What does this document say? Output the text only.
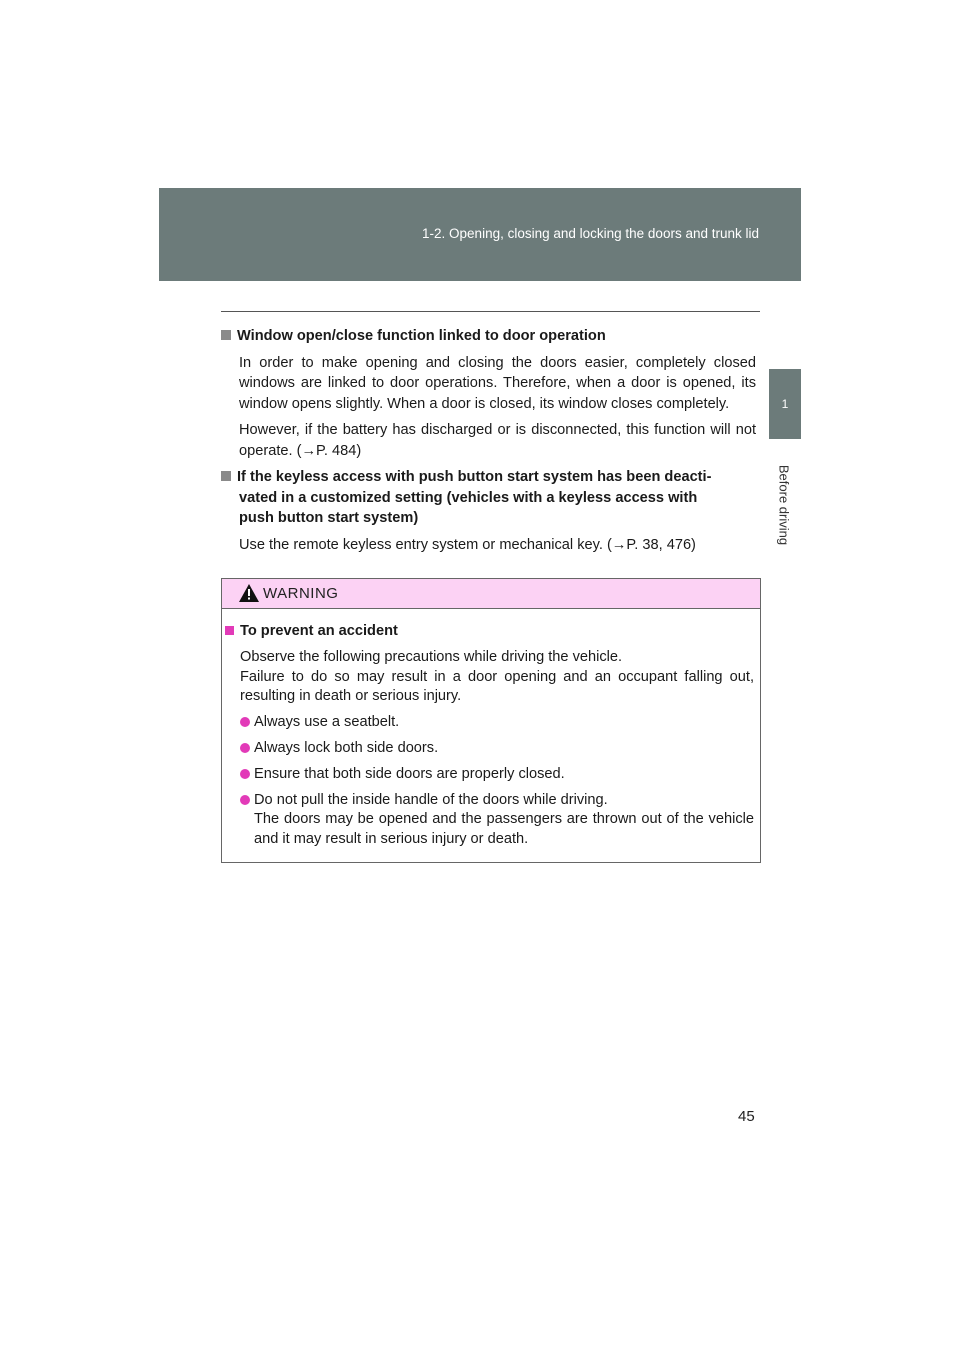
1-2. Opening, closing and locking the doors and trunk lid
1
Before driving

Window open/close function linked to door operation

In order to make opening and closing the doors easier, completely closed windows are linked to door operations. Therefore, when a door is opened, its window opens slightly. When a door is closed, its window closes completely.

However, if the battery has discharged or is disconnected, this function will not operate. (→P. 484)

If the keyless access with push button start system has been deacti-
vated in a customized setting (vehicles with a keyless access with
push button start system)

Use the remote keyless entry system or mechanical key. (→P. 38, 476)

WARNING
To prevent an accident
Observe the following precautions while driving the vehicle.
Failure to do so may result in a door opening and an occupant falling out, resulting in death or serious injury.
Always use a seatbelt.
Always lock both side doors.
Ensure that both side doors are properly closed.
Do not pull the inside handle of the doors while driving.
The doors may be opened and the passengers are thrown out of the vehicle and it may result in serious injury or death.
45
